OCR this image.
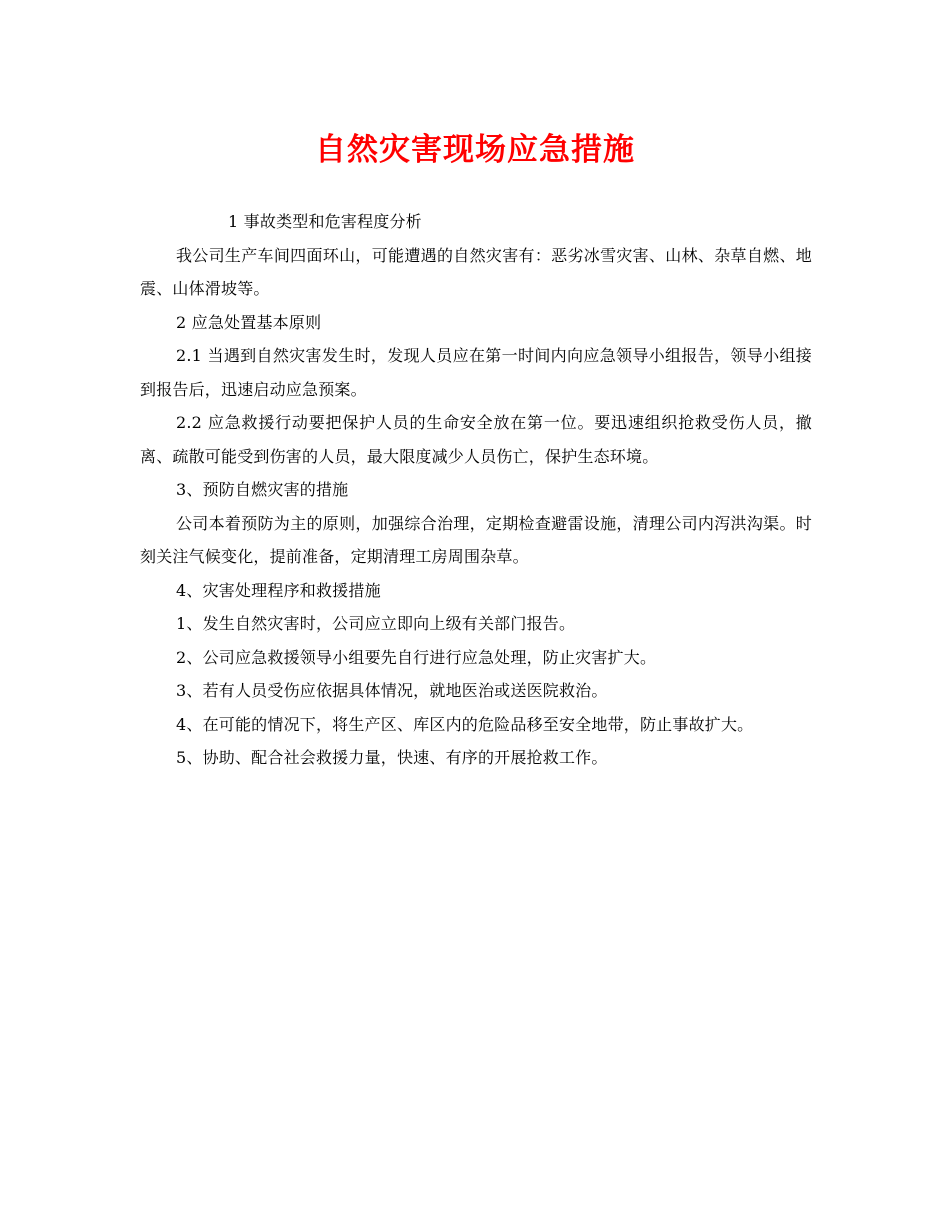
自然灾害现场应急措施

1 事故类型和危害程度分析

我公司生产车间四面环山，可能遭遇的自然灾害有：恶劣冰雪灾害、山林、杂草自燃、地震、山体滑坡等。

2 应急处置基本原则

2.1 当遇到自然灾害发生时，发现人员应在第一时间内向应急领导小组报告，领导小组接到报告后，迅速启动应急预案。

2.2 应急救援行动要把保护人员的生命安全放在第一位。要迅速组织抢救受伤人员，撤离、疏散可能受到伤害的人员，最大限度减少人员伤亡，保护生态环境。

3、预防自燃灾害的措施

公司本着预防为主的原则，加强综合治理，定期检查避雷设施，清理公司内泻洪沟渠。时刻关注气候变化，提前准备，定期清理工房周围杂草。

4、灾害处理程序和救援措施

1、发生自然灾害时，公司应立即向上级有关部门报告。

2、公司应急救援领导小组要先自行进行应急处理，防止灾害扩大。

3、若有人员受伤应依据具体情况，就地医治或送医院救治。

4、在可能的情况下，将生产区、库区内的危险品移至安全地带，防止事故扩大。

5、协助、配合社会救援力量，快速、有序的开展抢救工作。
